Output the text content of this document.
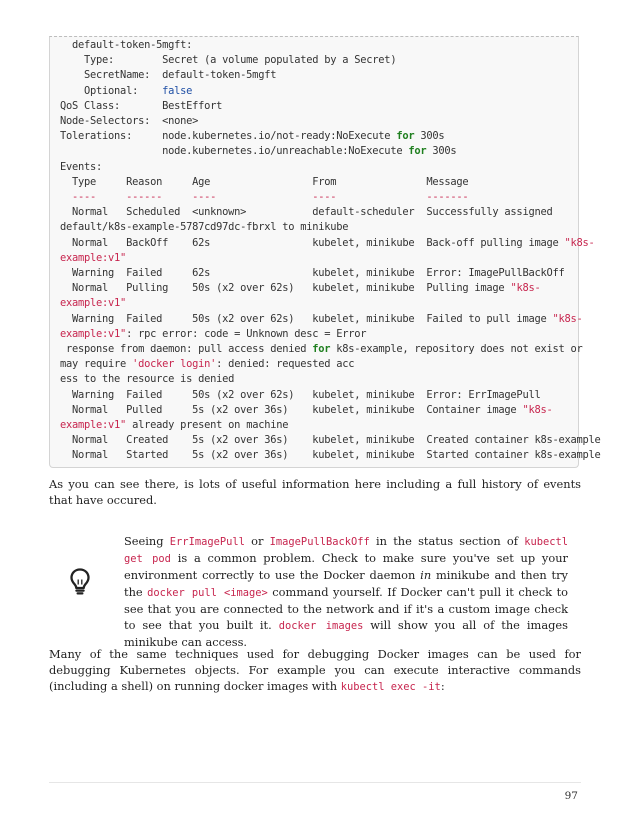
default-token-5mgft:
Type:        Secret (a volume populated by a Secret)
SecretName:  default-token-5mgft
Optional:    false
QoS Class:       BestEffort
Node-Selectors:  <none>
Tolerations:     node.kubernetes.io/not-ready:NoExecute for 300s
node.kubernetes.io/unreachable:NoExecute for 300s
Events:
Type     Reason     Age                 From               Message
----     ------     ----                ----               -------
Normal   Scheduled  <unknown>           default-scheduler  Successfully assigned
default/k8s-example-5787cd97dc-fbrxl to minikube
Normal   BackOff    62s                 kubelet, minikube  Back-off pulling image "k8s-
example:v1"
Warning  Failed     62s                 kubelet, minikube  Error: ImagePullBackOff
Normal   Pulling    50s (x2 over 62s)   kubelet, minikube  Pulling image "k8s-
example:v1"
Warning  Failed     50s (x2 over 62s)   kubelet, minikube  Failed to pull image "k8s-
example:v1": rpc error: code = Unknown desc = Error
response from daemon: pull access denied for k8s-example, repository does not exist or
may require 'docker login': denied: requested acc
ess to the resource is denied
Warning  Failed     50s (x2 over 62s)   kubelet, minikube  Error: ErrImagePull
Normal   Pulled     5s (x2 over 36s)    kubelet, minikube  Container image "k8s-
example:v1" already present on machine
Normal   Created    5s (x2 over 36s)    kubelet, minikube  Created container k8s-example
Normal   Started    5s (x2 over 36s)    kubelet, minikube  Started container k8s-example

As you can see there, is lots of useful information here including a full history of events that have occured.

Seeing ErrImagePull or ImagePullBackOff in the status section of kubectl get pod is a common problem. Check to make sure you've set up your environment correctly to use the Docker daemon in minikube and then try the docker pull <image> command yourself. If Docker can't pull it check to see that you are connected to the network and if it's a custom image check to see that you built it. docker images will show you all of the images minikube can access.

Many of the same techniques used for debugging Docker images can be used for debugging Kubernetes objects. For example you can execute interactive commands (including a shell) on running docker images with kubectl exec -it:

97
